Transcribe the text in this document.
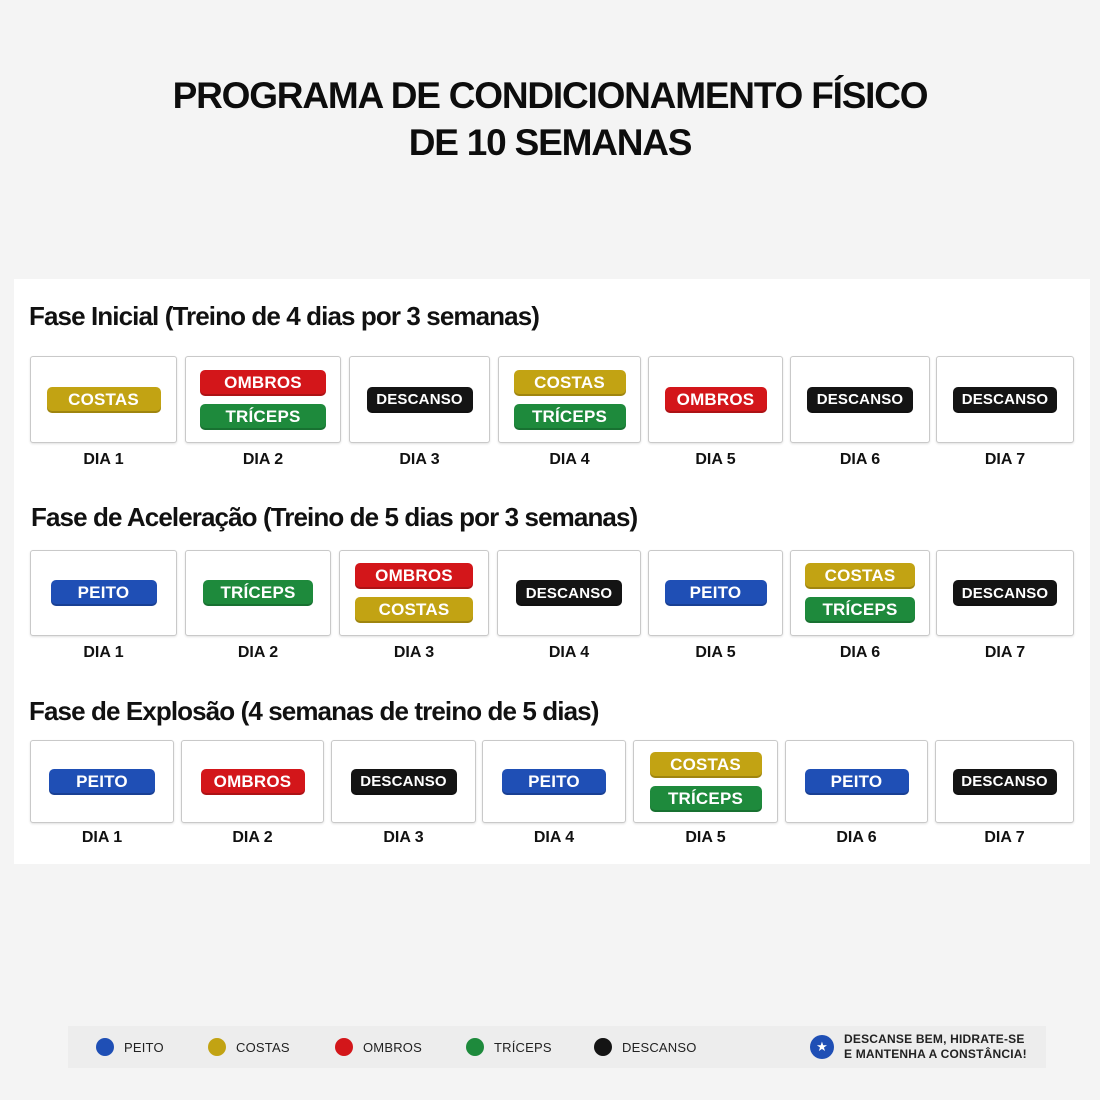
PROGRAMA DE CONDICIONAMENTO FÍSICO
DE 10 SEMANAS
Fase Inicial (Treino de 4 dias por 3 semanas)
COSTAS
DIA 1
OMBROS
TRÍCEPS
DIA 2
DESCANSO
DIA 3
COSTAS
TRÍCEPS
DIA 4
OMBROS
DIA 5
DESCANSO
DIA 6
DESCANSO
DIA 7
Fase de Aceleração (Treino de 5 dias por 3 semanas)
PEITO
DIA 1
TRÍCEPS
DIA 2
OMBROS
COSTAS
DIA 3
DESCANSO
DIA 4
PEITO
DIA 5
COSTAS
TRÍCEPS
DIA 6
DESCANSO
DIA 7
Fase de Explosão (4 semanas de treino de 5 dias)
PEITO
DIA 1
OMBROS
DIA 2
DESCANSO
DIA 3
PEITO
DIA 4
COSTAS
TRÍCEPS
DIA 5
PEITO
DIA 6
DESCANSO
DIA 7
PEITO	COSTAS	OMBROS	TRÍCEPS	DESCANSO	★	DESCANSE BEM, HIDRATE-SE
E MANTENHA A CONSTÂNCIA!
